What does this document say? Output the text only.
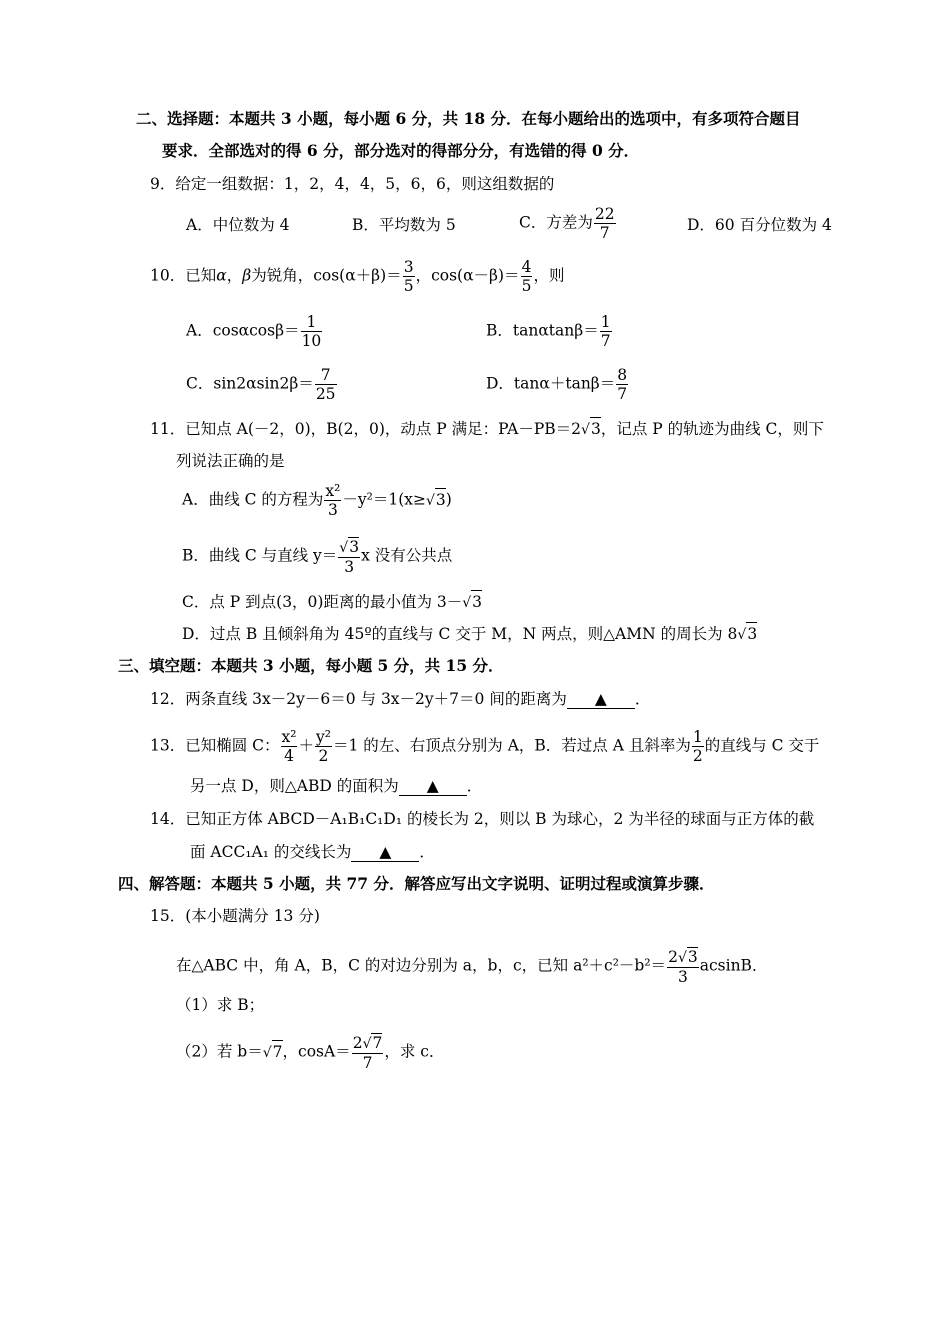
二、选择题：本题共 3 小题，每小题 6 分，共 18 分．在每小题给出的选项中，有多项符合题目
要求．全部选对的得 6 分，部分选对的得部分分，有选错的得 0 分．
9．给定一组数据：1，2，4，4，5，6，6，则这组数据的
A．中位数为 4	B．平均数为 5	C．方差为 $\frac{22}{7}$	D．60 百分位数为 4
10．已知α，β为锐角，$\cos(\alpha+\beta)= \frac{3}{5}$ ，$\cos(\alpha-\beta)= \frac{4}{5}$ ，则
A．$\cos\alpha\cos\beta= \frac{1}{10}$	B．$\tan\alpha\tan\beta= \frac{1}{7}$
C．$\sin 2\alpha\sin 2\beta= \frac{7}{25}$	D．$\tan\alpha+\tan\beta= \frac{8}{7}$
11．已知点 A(－2，0)，B(2，0)，动点 P 满足：PA－PB＝2√3，记点 P 的轨迹为曲线 C，则下
列说法正确的是
A．曲线 C 的方程为 $\frac{\text{x²}}{3} -y^2=1(x\ge√3)$
B．曲线 C 与直线 $y= \frac{√3}{3}$ x 没有公共点
C．点 P 到点(3，0)距离的最小值为 3－√3
D．过点 B 且倾斜角为 45º的直线与 C 交于 M，N 两点，则△AMN 的周长为 8√3
三、填空题：本题共 3 小题，每小题 5 分，共 15 分．
12．两条直线 3x－2y－6＝0 与 3x－2y＋7＝0 间的距离为 ▲ ．
13．已知椭圆 C： $\frac{\text{x²}}{4} + \frac{\text{y²}}{2} =1$ 的左、右顶点分别为 A，B．若过点 A 且斜率为 $\frac{1}{2}$ 的直线与 C 交于
另一点 D，则△ABD 的面积为 ▲ ．
14．已知正方体 ABCD－A₁B₁C₁D₁ 的棱长为 2，则以 B 为球心，2 为半径的球面与正方体的截
面 ACC₁A₁ 的交线长为 ▲ ．
四、解答题：本题共 5 小题，共 77 分．解答应写出文字说明、证明过程或演算步骤．
15．(本小题满分 13 分)
在△ABC 中，角 A，B，C 的对边分别为 a，b，c，已知 $a^2+c^2-b^2= \frac{2√3}{3}$ acsinB．
（1）求 B；
（2）若 b＝√7，$\cos A= \frac{2√7}{7}$ ，求 c．
